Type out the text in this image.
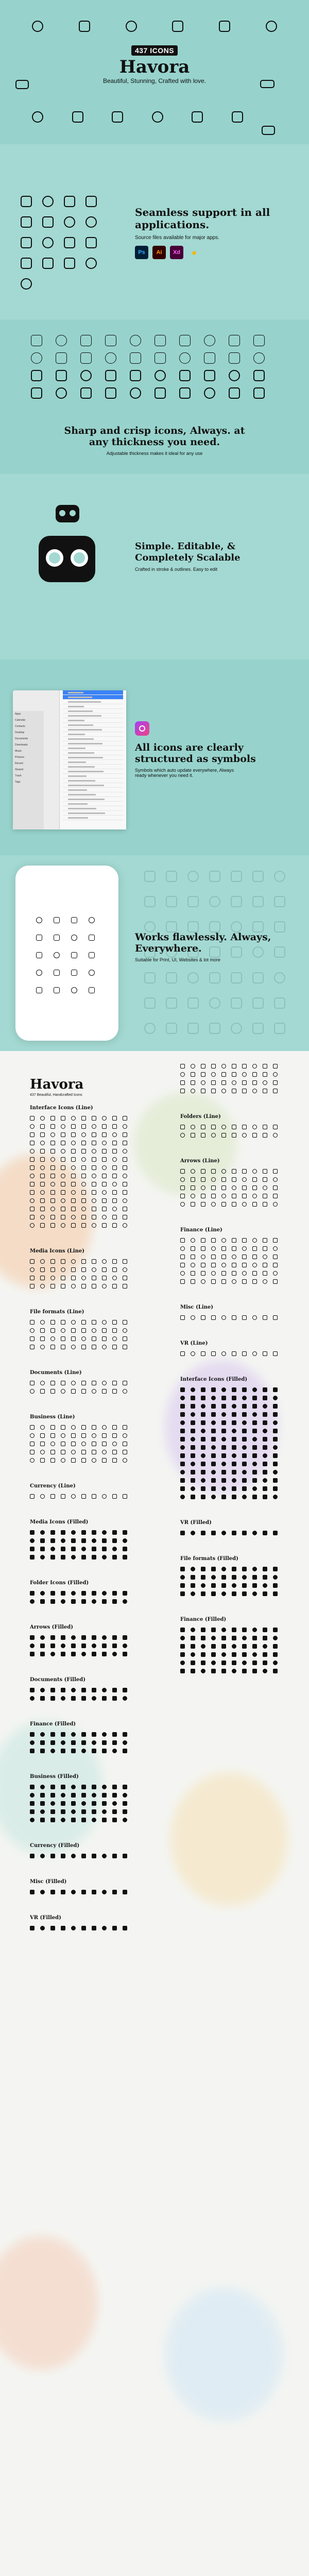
437 ICONS
Havora
Beautiful, Stunning, Crafted with love.
Seamless support in all applications.
Source files available for major apps.
Ps	Ai	Xd	◆
Sharp and crisp icons, Always. at any thickness you need.
Adjustable thickness makes it ideal for any use
Simple. Editable, & Completely Scalable
Crafted in stroke & outlines. Easy to edit
Apps
Calendar
Contacts
Desktop
Documents
Downloads
Music
Pictures
Recent
Shared
Trash
Tags
All icons are clearly structured as symbols
Symbols which auto update everywhere, Always ready whenever you need it.
Works flawlessly. Always, Everywhere.
Suitable for Print, UI, Websites & lot more
Havora
437 Beautiful, Handcrafted Icons
Interface Icons (Line)
Media Icons (Line)
File formats (Line)
Documents (Line)
Business (Line)
Currency (Line)
Media Icons (Filled)
Folder Icons (Filled)
Arrows (Filled)
Documents (Filled)
Finance (Filled)
Business (Filled)
Currency (Filled)
Misc (Filled)
VR (Filled)
Folders (Line)
Arrows (Line)
Finance (Line)
Misc (Line)
VR (Line)
Interface Icons (Filled)
VR (Filled)
File formats (Filled)
Finance (Filled)
